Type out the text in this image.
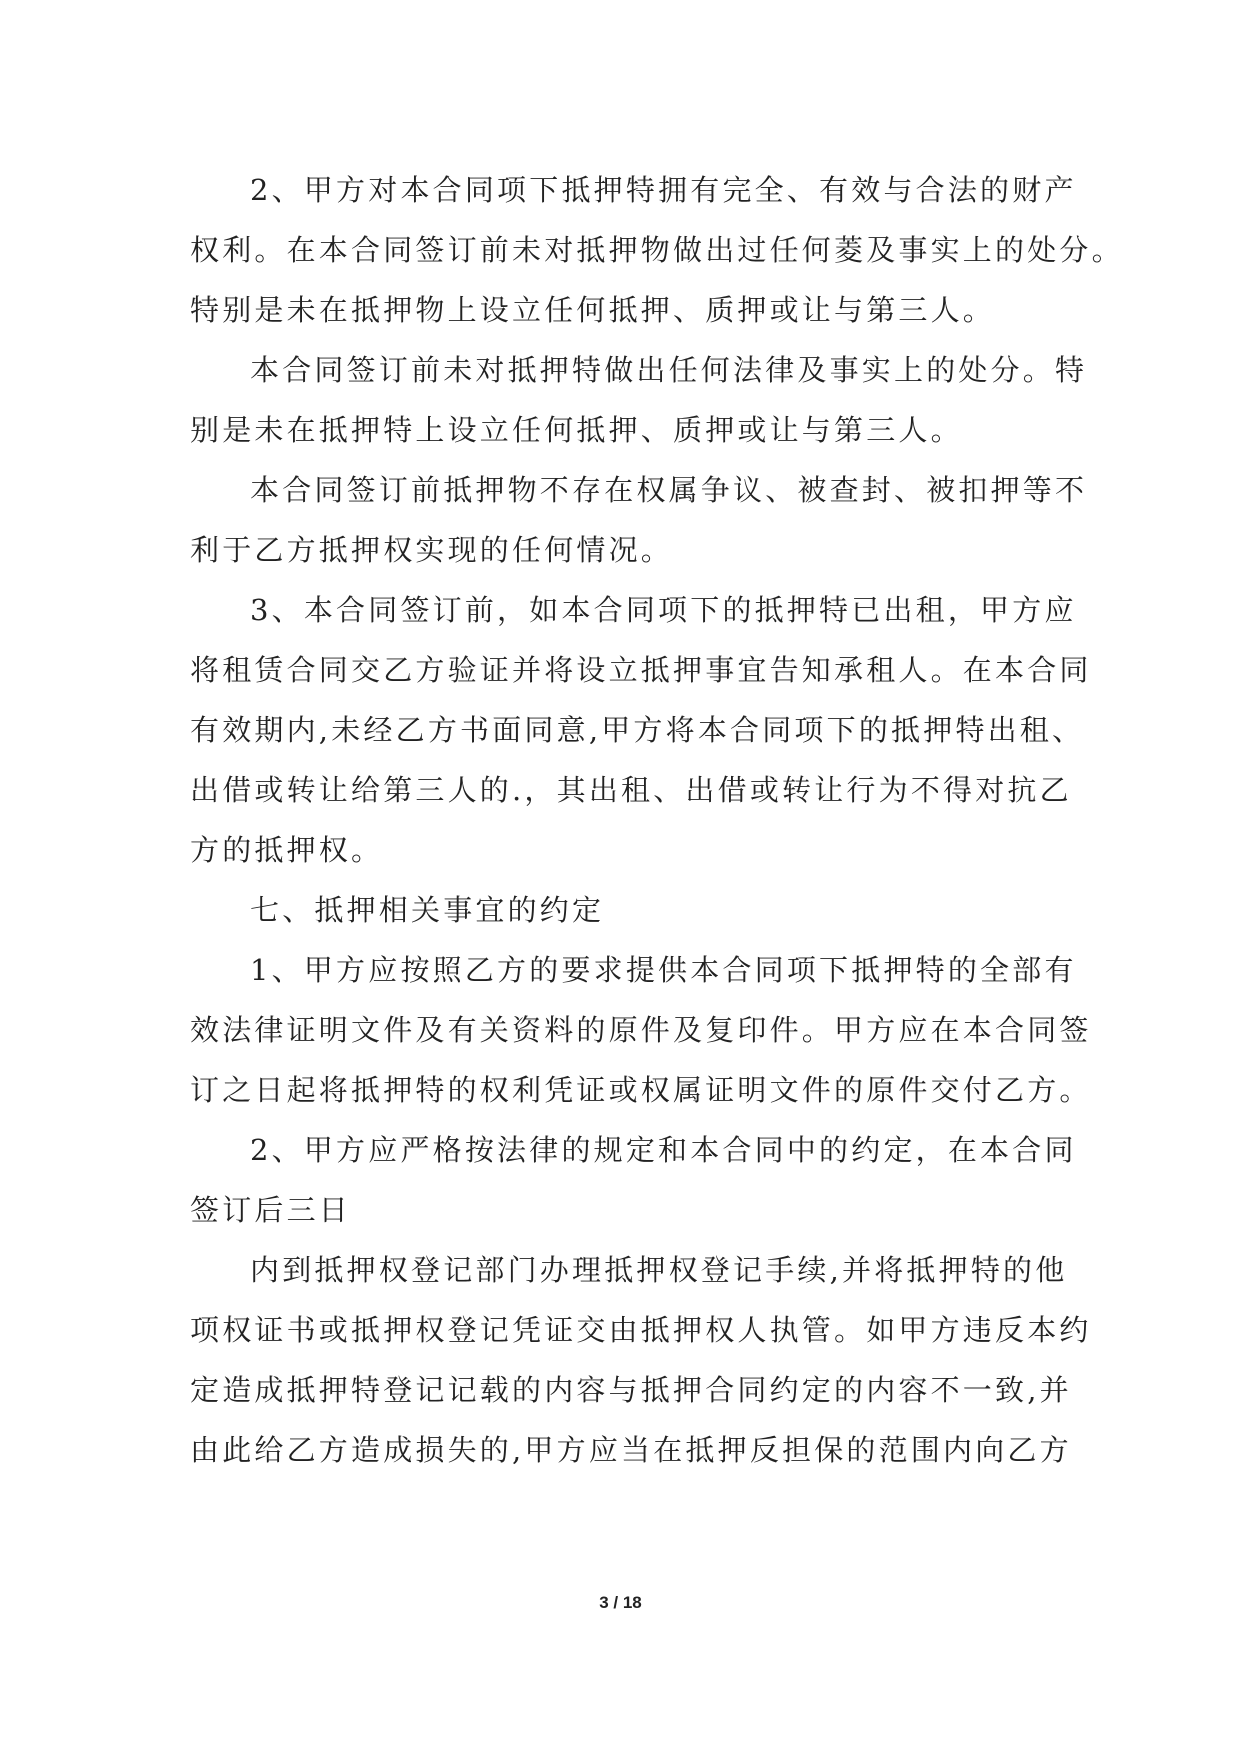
2、甲方对本合同项下抵押特拥有完全、有效与合法的财产
权利。在本合同签订前未对抵押物做出过任何菱及事实上的处分。
特别是未在抵押物上设立任何抵押、质押或让与第三人。
本合同签订前未对抵押特做出任何法律及事实上的处分。特
别是未在抵押特上设立任何抵押、质押或让与第三人。
本合同签订前抵押物不存在权属争议、被查封、被扣押等不
利于乙方抵押权实现的任何情况。
3、本合同签订前，如本合同项下的抵押特已出租，甲方应
将租赁合同交乙方验证并将设立抵押事宜告知承租人。在本合同
有效期内,未经乙方书面同意,甲方将本合同项下的抵押特出租、
出借或转让给第三人的.，其出租、出借或转让行为不得对抗乙
方的抵押权。
七、抵押相关事宜的约定
1、甲方应按照乙方的要求提供本合同项下抵押特的全部有
效法律证明文件及有关资料的原件及复印件。甲方应在本合同签
订之日起将抵押特的权利凭证或权属证明文件的原件交付乙方。
2、甲方应严格按法律的规定和本合同中的约定，在本合同
签订后三日
内到抵押权登记部门办理抵押权登记手续,并将抵押特的他
项权证书或抵押权登记凭证交由抵押权人执管。如甲方违反本约
定造成抵押特登记记载的内容与抵押合同约定的内容不一致,并
由此给乙方造成损失的,甲方应当在抵押反担保的范围内向乙方
3 / 18
